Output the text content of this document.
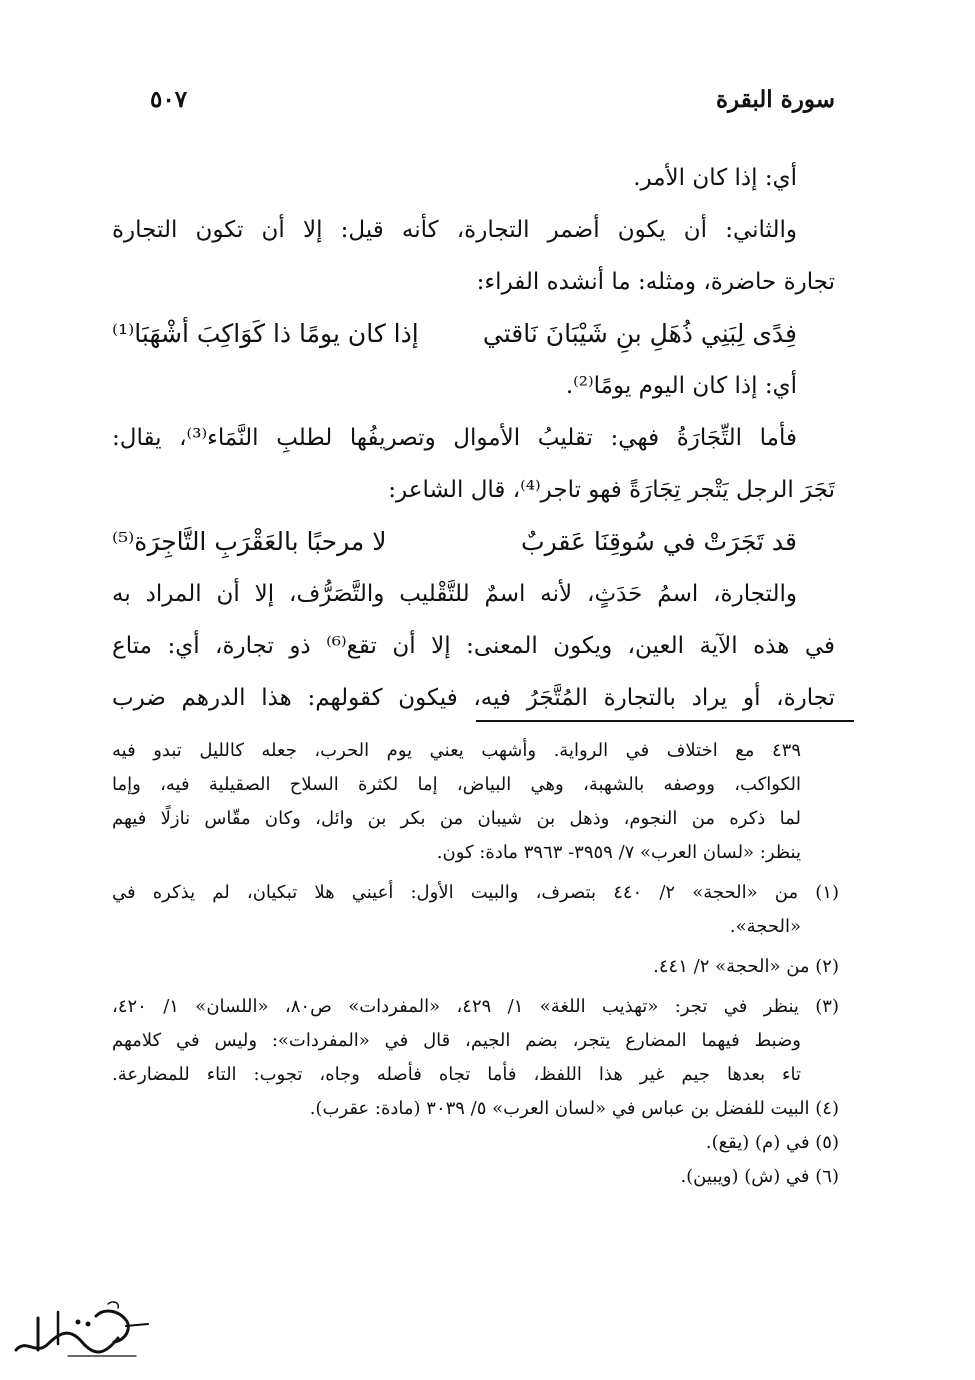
سورة البقرة
٥٠٧
أي: إذا كان الأمر.
والثاني: أن يكون أضمر التجارة، كأنه قيل: إلا أن تكون التجارة
تجارة حاضرة، ومثله: ما أنشده الفراء:
فِدًى لِبَنِي ذُهَلِ بنِ شَيْبَانَ نَاقتي
إذا كان يومًا ذا كَوَاكِبَ أشْهَبَا⁽¹⁾
أي: إذا كان اليوم يومًا⁽²⁾.
فأما التِّجَارَةُ فهي: تقليبُ الأموال وتصريفُها لطلبِ النَّمَاء⁽³⁾، يقال:
تَجَرَ الرجل يَتْجر تِجَارَةً فهو تاجر⁽⁴⁾، قال الشاعر:
قد تَجَرَتْ في سُوقِنَا عَقربٌ
لا مرحبًا بالعَقْرَبِ التَّاجِرَة⁽⁵⁾
والتجارة، اسمُ حَدَثٍ، لأنه اسمٌ للتَّقْليب والتَّصَرُّف، إلا أن المراد به
في هذه الآية العين، ويكون المعنى: إلا أن تقع⁽⁶⁾ ذو تجارة، أي: متاع
تجارة، أو يراد بالتجارة المُتَّجَرُ فيه، فيكون كقولهم: هذا الدرهم ضرب
٤٣٩ مع اختلاف في الرواية. وأشهب يعني يوم الحرب، جعله كالليل تبدو فيه
الكواكب، ووصفه بالشهبة، وهي البياض، إما لكثرة السلاح الصقيلية فيه، وإما
لما ذكره من النجوم، وذهل بن شيبان من بكر بن وائل، وكان مقّاس نازلًا فيهم
ينظر: «لسان العرب» ٧/ ٣٩٥٩- ٣٩٦٣ مادة: كون.
(١) من «الحجة» ٢/ ٤٤٠ بتصرف، والبيت الأول: أعيني هلا تبكيان، لم يذكره في
«الحجة».
(٢) من «الحجة» ٢/ ٤٤١.
(٣) ينظر في تجر: «تهذيب اللغة» ١/ ٤٢٩، «المفردات» ص٨٠، «اللسان» ١/ ٤٢٠،
وضبط فيهما المضارع يتجر، بضم الجيم، قال في «المفردات»: وليس في كلامهم
تاء بعدها جيم غير هذا اللفظ، فأما تجاه فأصله وجاه، تجوب: التاء للمضارعة.
(٤) البيت للفضل بن عباس في «لسان العرب» ٥/ ٣٠٣٩ (مادة: عقرب).
(٥) في (م) (يقع).
(٦) في (ش) (ويبين).
